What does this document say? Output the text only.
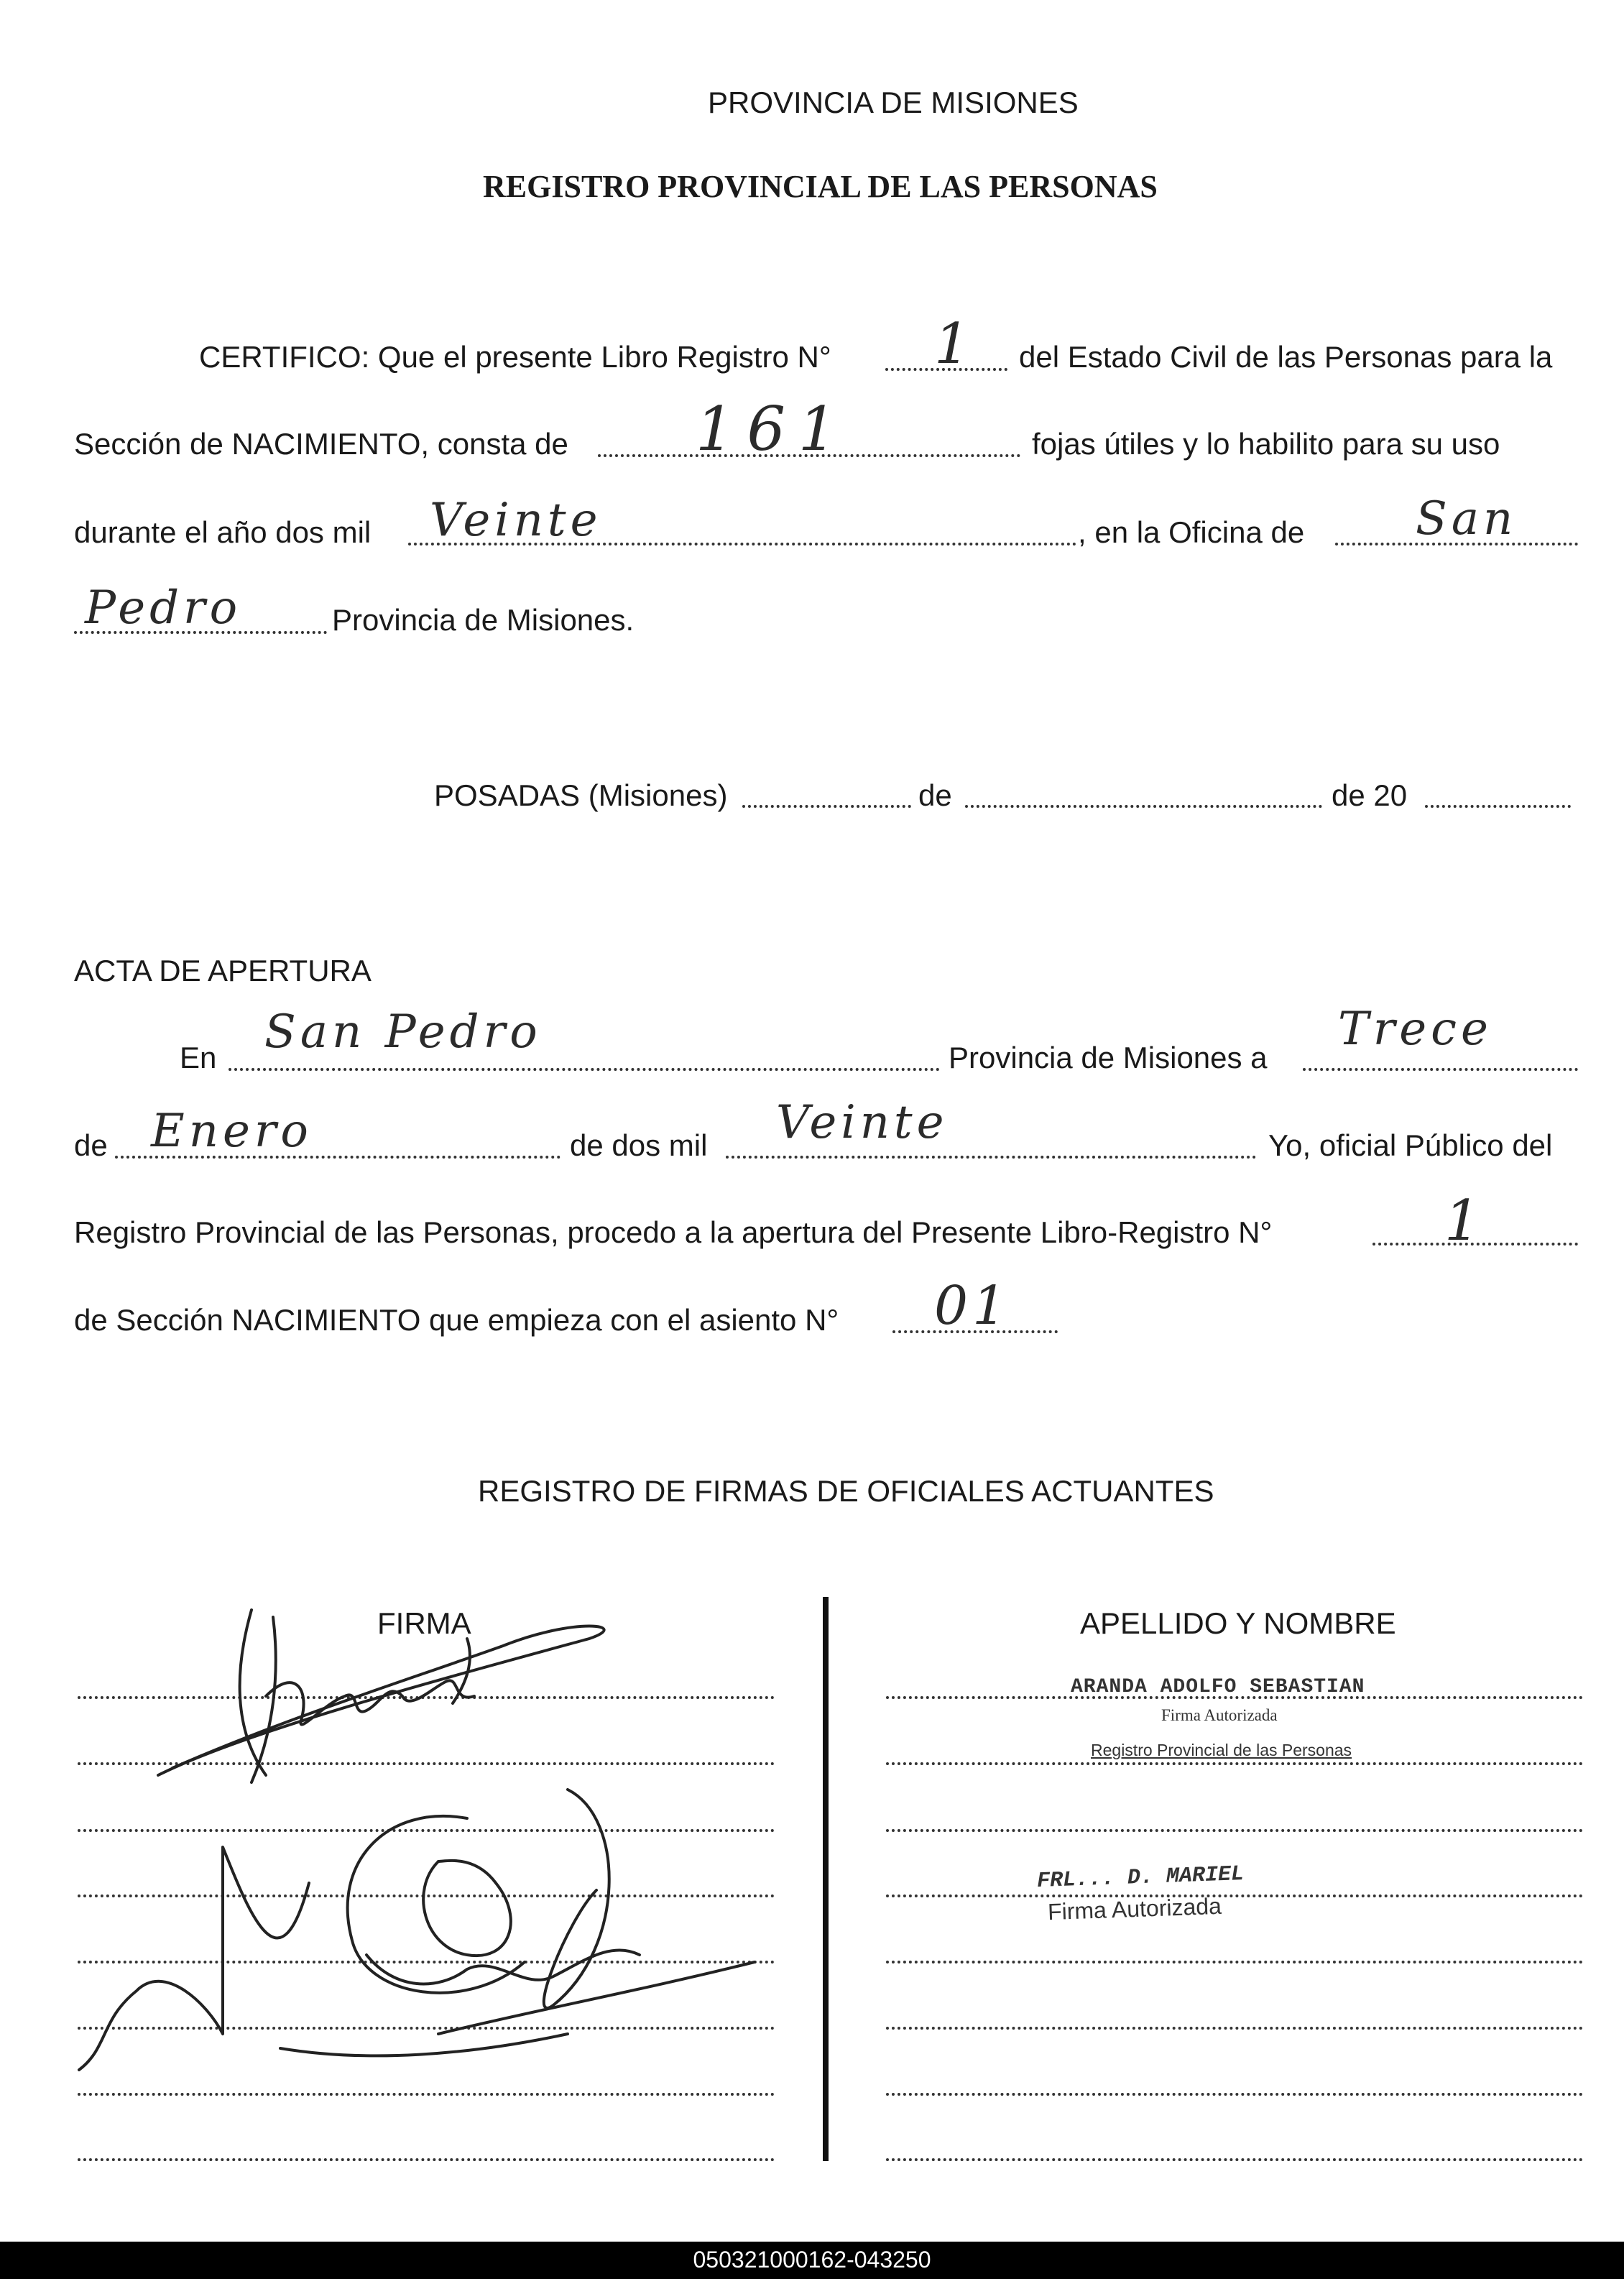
PROVINCIA DE MISIONES
REGISTRO PROVINCIAL DE LAS PERSONAS
CERTIFICO: Que el presente Libro Registro N° 1 del Estado Civil de las Personas para la
Sección de NACIMIENTO, consta de 161	fojas útiles y lo habilito para su uso
durante el año dos mil Veinte	, en la Oficina de San
Pedro	Provincia de Misiones.
POSADAS (Misiones)	de	de 20
ACTA DE APERTURA
En San Pedro	Provincia de Misiones a
Trece
de Enero	de dos mil Veinte	Yo, oficial Público del
Registro Provincial de las Personas, procedo a la apertura del Presente Libro-Registro N°	1
de Sección NACIMIENTO que empieza con el asiento N° 01
REGISTRO DE FIRMAS DE OFICIALES ACTUANTES
FIRMA	APELLIDO Y NOMBRE
ARANDA ADOLFO SEBASTIAN
Firma Autorizada
Registro Provincial de las Personas
FRL... D. MARIEL
Firma Autorizada
050321000162-043250
